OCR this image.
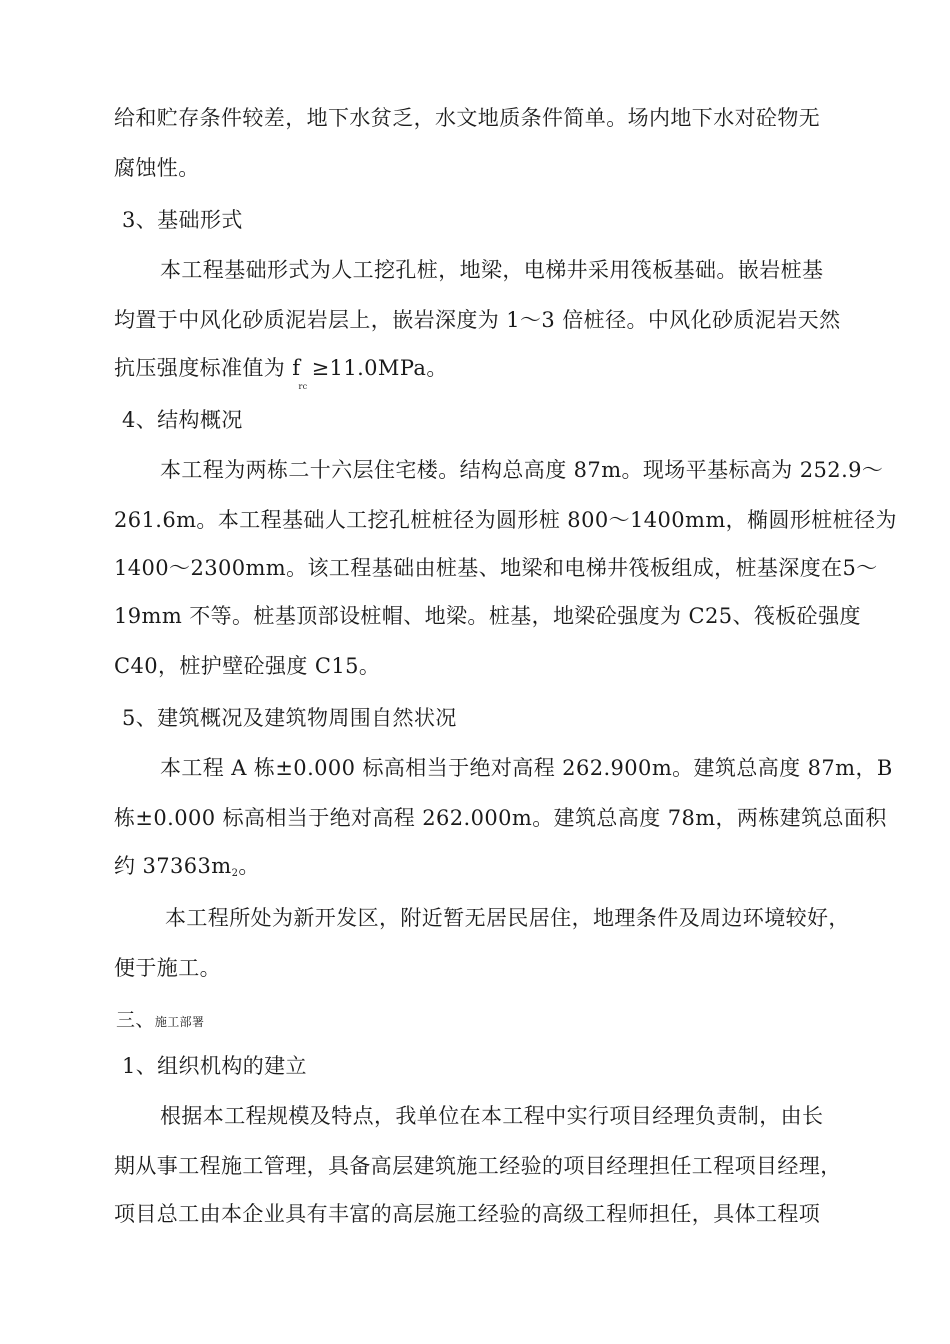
给和贮存条件较差，地下水贫乏，水文地质条件简单。场内地下水对砼物无
腐蚀性。
3、基础形式
本工程基础形式为人工挖孔桩，地梁，电梯井采用筏板基础。嵌岩桩基
均置于中风化砂质泥岩层上，嵌岩深度为 1～3 倍桩径。中风化砂质泥岩天然
抗压强度标准值为 $f_{rc}\ge 11.0MPa$。
4、结构概况
本工程为两栋二十六层住宅楼。结构总高度 87m。现场平基标高为 252.9～
261.6m。本工程基础人工挖孔桩桩径为圆形桩 800～1400mm，椭圆形桩桩径为
1400～2300mm。该工程基础由桩基、地梁和电梯井筏板组成，桩基深度在5～
19mm 不等。桩基顶部设桩帽、地梁。桩基，地梁砼强度为 C25、筏板砼强度
C40，桩护壁砼强度 C15。
5、建筑概况及建筑物周围自然状况
本工程 A 栋±0.000 标高相当于绝对高程 262.900m。建筑总高度 87m，B
栋±0.000 标高相当于绝对高程 262.000m。建筑总高度 78m，两栋建筑总面积
约 37363m2。
本工程所处为新开发区，附近暂无居民居住，地理条件及周边环境较好，
便于施工。
三、施工部署
1、组织机构的建立
根据本工程规模及特点，我单位在本工程中实行项目经理负责制，由长
期从事工程施工管理，具备高层建筑施工经验的项目经理担任工程项目经理，
项目总工由本企业具有丰富的高层施工经验的高级工程师担任，具体工程项
